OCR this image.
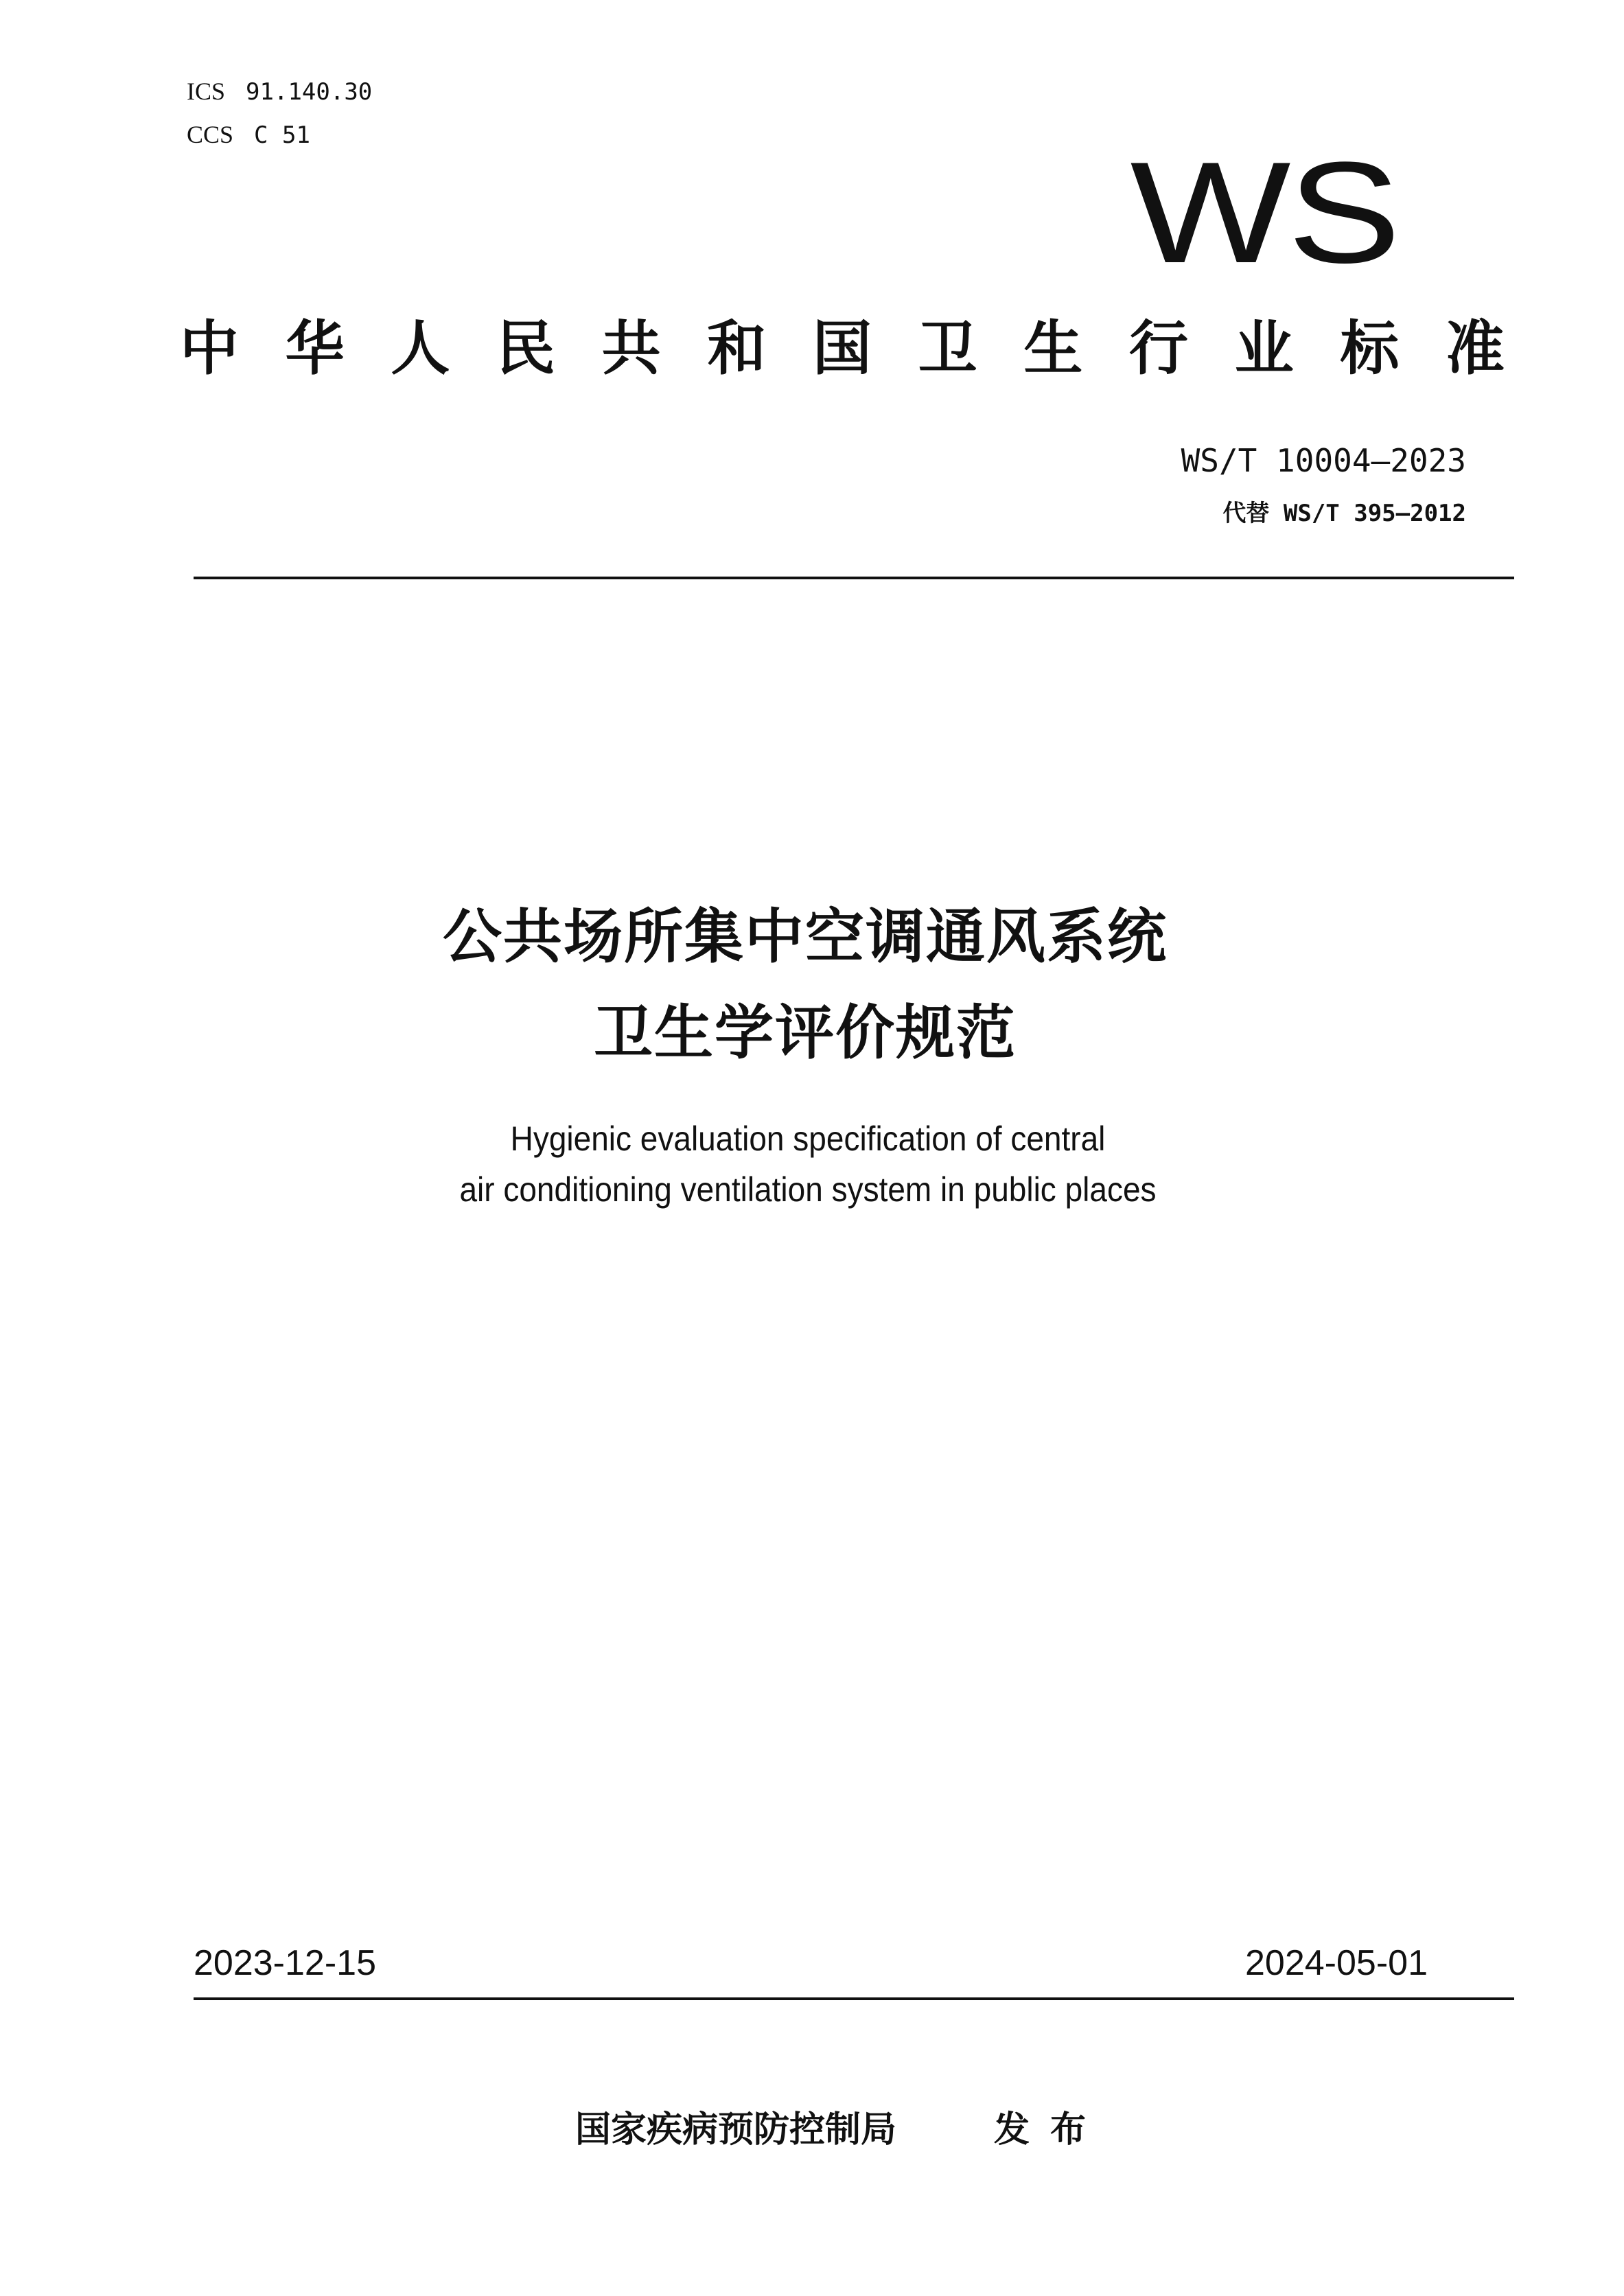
ICS 91.140.30
CCS C 51	WS
中华人民共和国卫生行业标准
WS/T 10004—2023
代替 WS/T 395—2012
公共场所集中空调通风系统
卫生学评价规范
Hygienic evaluation specification of central
air conditioning ventilation system in public places
2023-12-15	2024-05-01
国家疾病预防控制局	发布
